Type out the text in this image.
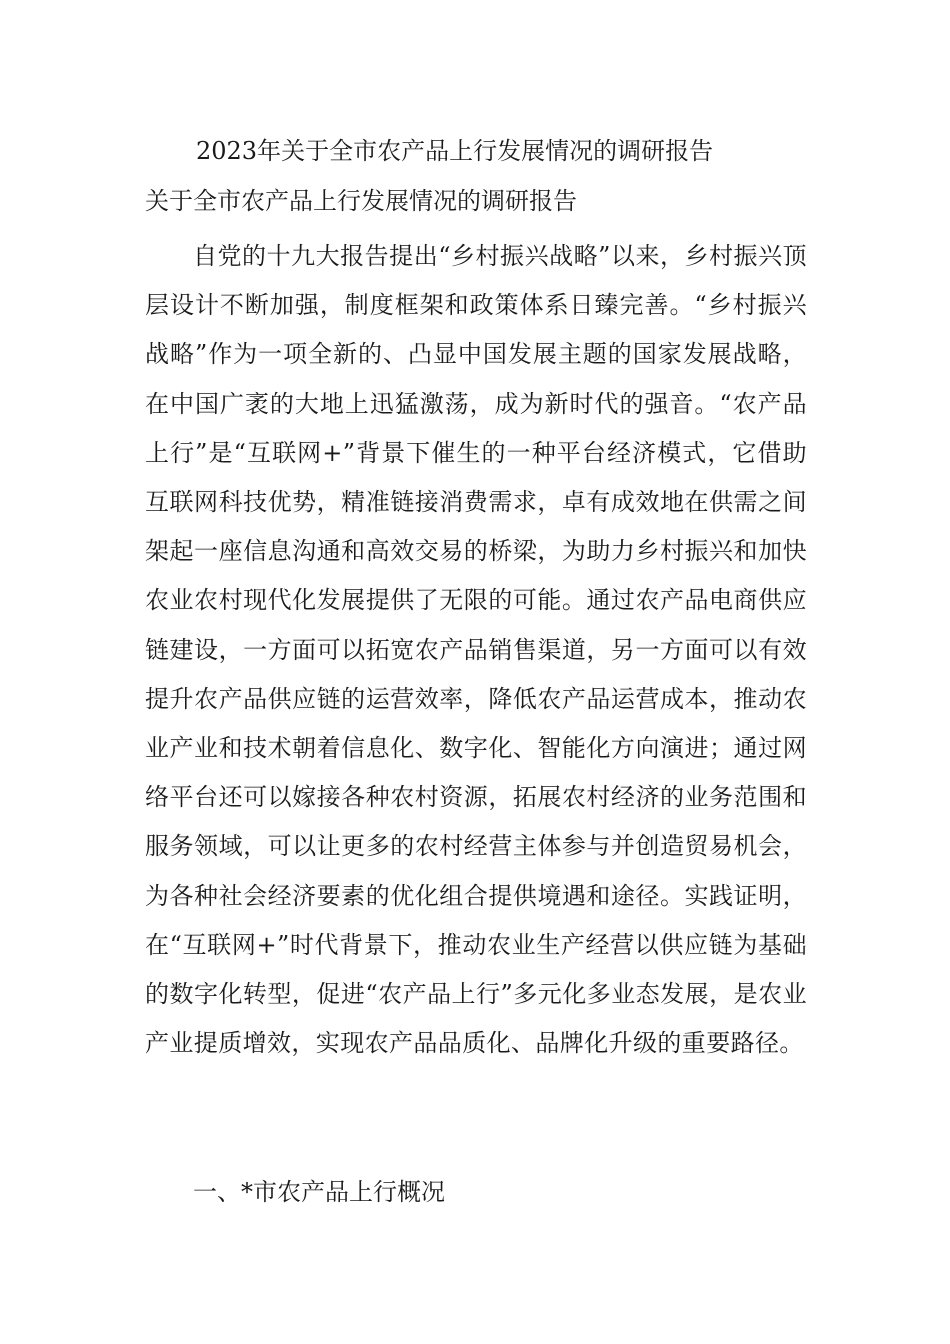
2023年关于全市农产品上行发展情况的调研报告
关于全市农产品上行发展情况的调研报告

自党的十九大报告提出“乡村振兴战略”以来，乡村振兴顶层设计不断加强，制度框架和政策体系日臻完善。“乡村振兴战略”作为一项全新的、凸显中国发展主题的国家发展战略，在中国广袤的大地上迅猛激荡，成为新时代的强音。“农产品上行”是“互联网+”背景下催生的一种平台经济模式，它借助互联网科技优势，精准链接消费需求，卓有成效地在供需之间架起一座信息沟通和高效交易的桥梁，为助力乡村振兴和加快农业农村现代化发展提供了无限的可能。通过农产品电商供应链建设，一方面可以拓宽农产品销售渠道，另一方面可以有效提升农产品供应链的运营效率，降低农产品运营成本，推动农业产业和技术朝着信息化、数字化、智能化方向演进；通过网络平台还可以嫁接各种农村资源，拓展农村经济的业务范围和服务领域，可以让更多的农村经营主体参与并创造贸易机会，为各种社会经济要素的优化组合提供境遇和途径。实践证明，在“互联网+”时代背景下，推动农业生产经营以供应链为基础的数字化转型，促进“农产品上行”多元化多业态发展，是农业产业提质增效，实现农产品品质化、品牌化升级的重要路径。

一、*市农产品上行概况
